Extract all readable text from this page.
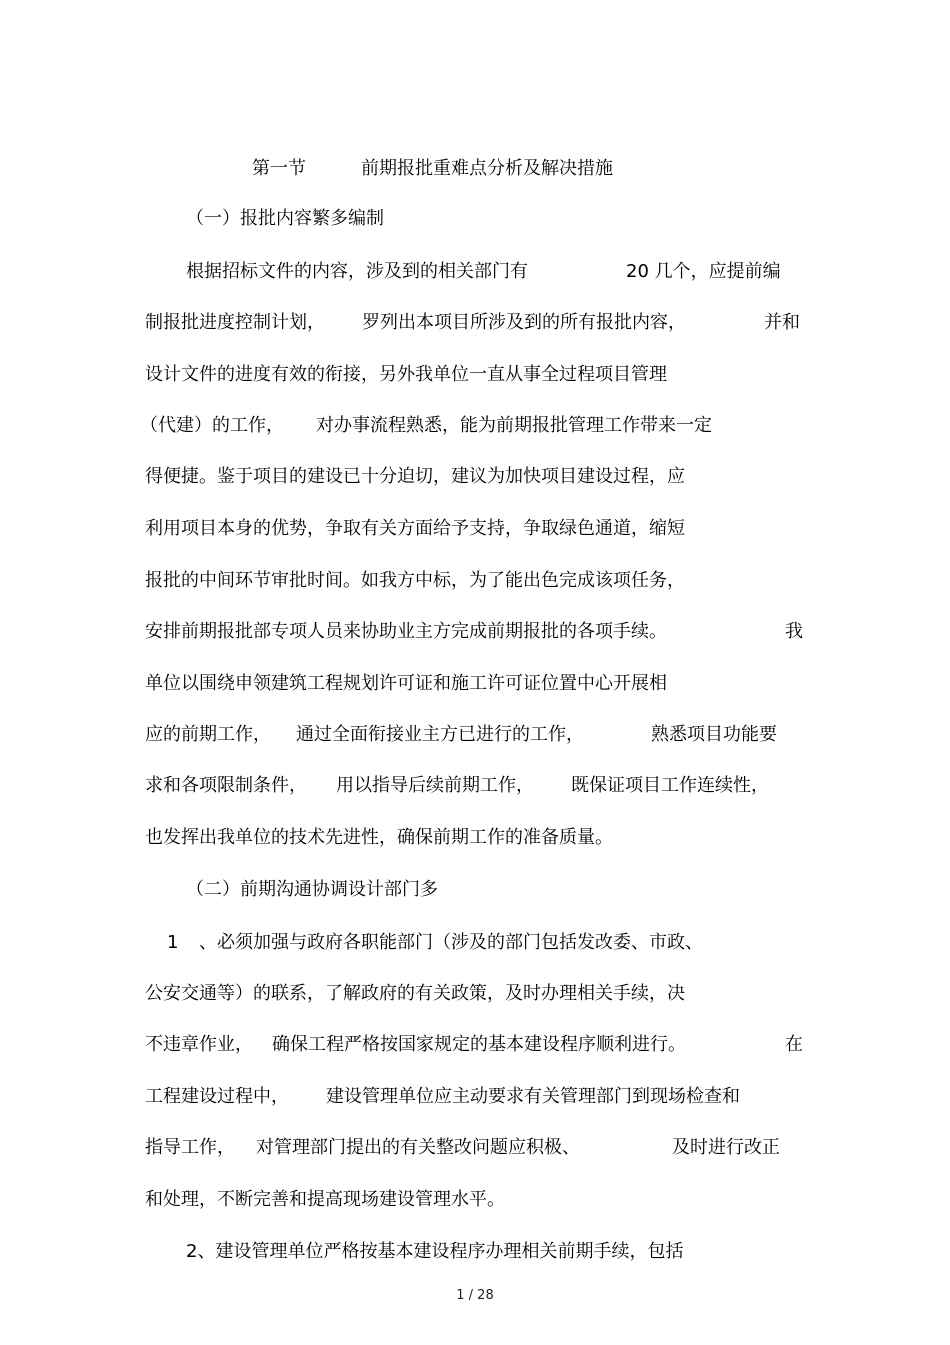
第一节	前期报批重难点分析及解决措施
（一）报批内容繁多编制
根据招标文件的内容，涉及到的相关部门有	20 几个，应提前编
制报批进度控制计划， 罗列出本项目所涉及到的所有报批内容，	并和
设计文件的进度有效的衔接，另外我单位一直从事全过程项目管理
（代建）的工作， 对办事流程熟悉，能为前期报批管理工作带来一定
得便捷。鉴于项目的建设已十分迫切，建议为加快项目建设过程，应
利用项目本身的优势，争取有关方面给予支持，争取绿色通道，缩短
报批的中间环节审批时间。如我方中标，为了能出色完成该项任务，
安排前期报批部专项人员来协助业主方完成前期报批的各项手续。	我
单位以围绕申领建筑工程规划许可证和施工许可证位置中心开展相
应的前期工作， 通过全面衔接业主方已进行的工作，	熟悉项目功能要
求和各项限制条件， 用以指导后续前期工作， 既保证项目工作连续性，
也发挥出我单位的技术先进性，确保前期工作的准备质量。
（二）前期沟通协调设计部门多
1 、必须加强与政府各职能部门（涉及的部门包括发改委、市政、
公安交通等）的联系，了解政府的有关政策，及时办理相关手续，决
不违章作业， 确保工程严格按国家规定的基本建设程序顺利进行。	在
工程建设过程中， 建设管理单位应主动要求有关管理部门到现场检查和
指导工作， 对管理部门提出的有关整改问题应积极、	及时进行改正
和处理，不断完善和提高现场建设管理水平。
2、建设管理单位严格按基本建设程序办理相关前期手续，包括
1 / 28
